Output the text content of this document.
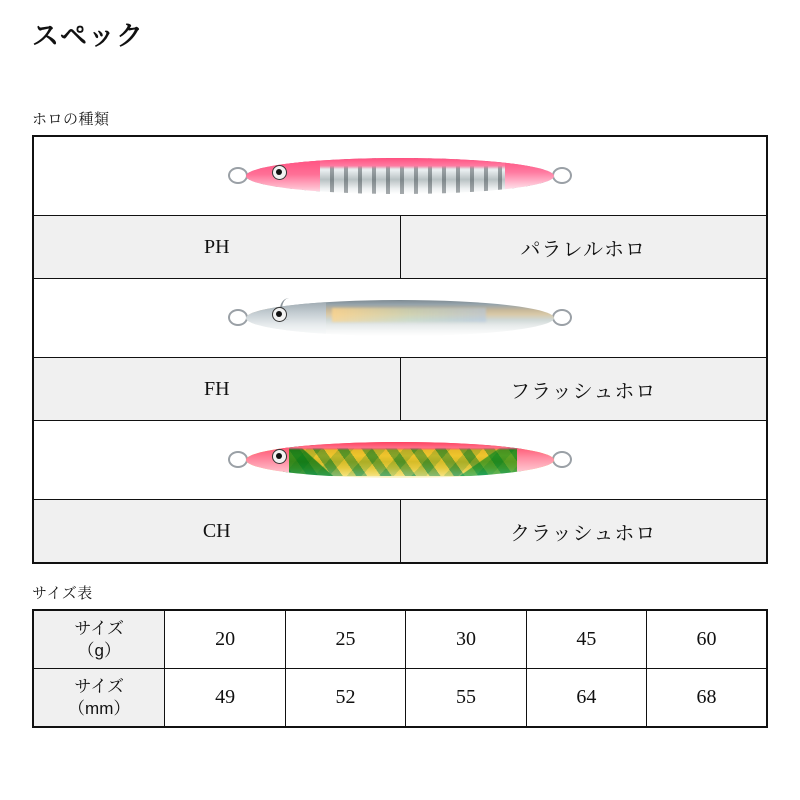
スペック
ホロの種類

PH	パラレルホロ

FH	フラッシュホロ

CH	クラッシュホロ
サイズ表
サイズ
（g）	20	25	30	45	60
サイズ
（mm）	49	52	55	64	68
